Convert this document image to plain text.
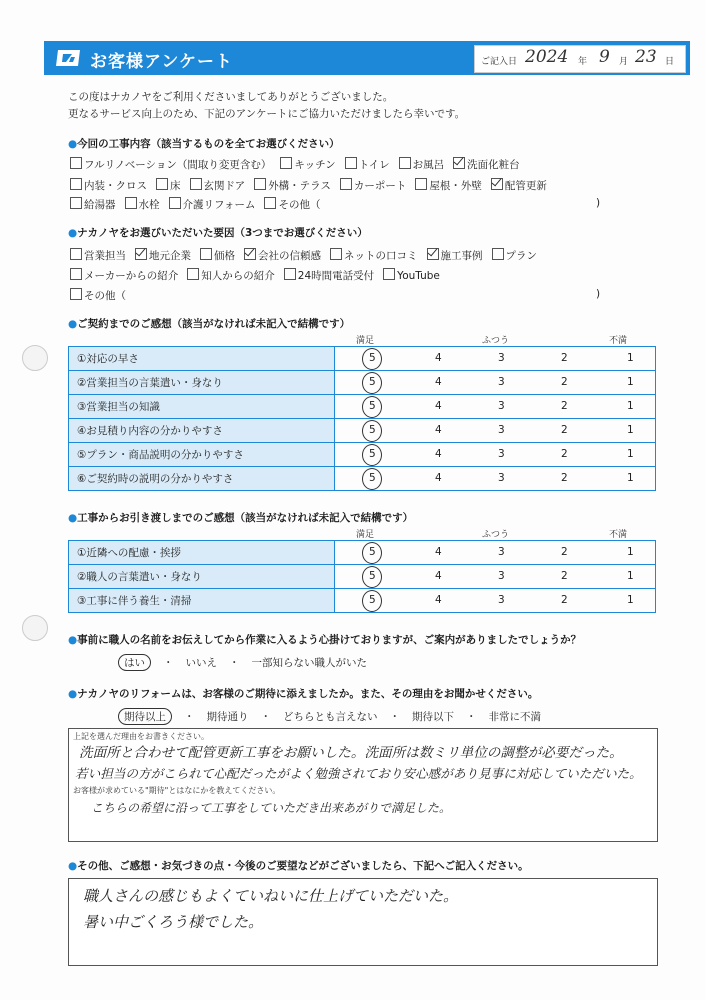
お客様アンケート	ご記入日 2024 年 9 月 23 日
この度はナカノヤをご利用くださいましてありがとうございました。
更なるサービス向上のため、下記のアンケートにご協力いただけましたら幸いです。
●今回の工事内容（該当するものを全てお選びください）
フルリノベーション（間取り変更含む） キッチン トイレ お風呂 洗面化粧台
内装・クロス 床 玄関ドア 外構・テラス カーポート 屋根・外壁 配管更新
給湯器 水栓 介護リフォーム その他（	)
●ナカノヤをお選びいただいた要因（3つまでお選びください）
営業担当 地元企業 価格 会社の信頼感 ネットの口コミ 施工事例 プラン
メーカーからの紹介 知人からの紹介 24時間電話受付 YouTube
その他（	)
●ご契約までのご感想（該当がなければ未記入で結構です）
満足	ふつう	不満
①対応の早さ	5 4 3 2 1

②営業担当の言葉遣い・身なり	5 4 3 2 1

③営業担当の知識	5 4 3 2 1

④お見積り内容の分かりやすさ	5 4 3 2 1

⑤プラン・商品説明の分かりやすさ	5 4 3 2 1

⑥ご契約時の説明の分かりやすさ	5 4 3 2 1
●工事からお引き渡しまでのご感想（該当がなければ未記入で結構です）
満足	ふつう	不満
①近隣への配慮・挨拶	5 4 3 2 1

②職人の言葉遣い・身なり	5 4 3 2 1

③工事に伴う養生・清掃	5 4 3 2 1
●事前に職人の名前をお伝えしてから作業に入るよう心掛けておりますが、ご案内がありましたでしょうか？
はい ・ いいえ ・ 一部知らない職人がいた
●ナカノヤのリフォームは、お客様のご期待に添えましたか。また、その理由をお聞かせください。
期待以上 ・ 期待通り ・ どちらとも言えない ・ 期待以下 ・ 非常に不満
上記を選んだ理由をお書きください。
洗面所と合わせて配管更新工事をお願いした。洗面所は数ミリ単位の調整が必要だった。
若い担当の方がこられて心配だったがよく勉強されており安心感があり見事に対応していただいた。
お客様が求めている"期待"とはなにかを教えてください。
こちらの希望に沿って工事をしていただき出来あがりで満足した。
●その他、ご感想・お気づきの点・今後のご要望などがございましたら、下記へご記入ください。
職人さんの感じもよくていねいに仕上げていただいた。
暑い中ごくろう様でした。
